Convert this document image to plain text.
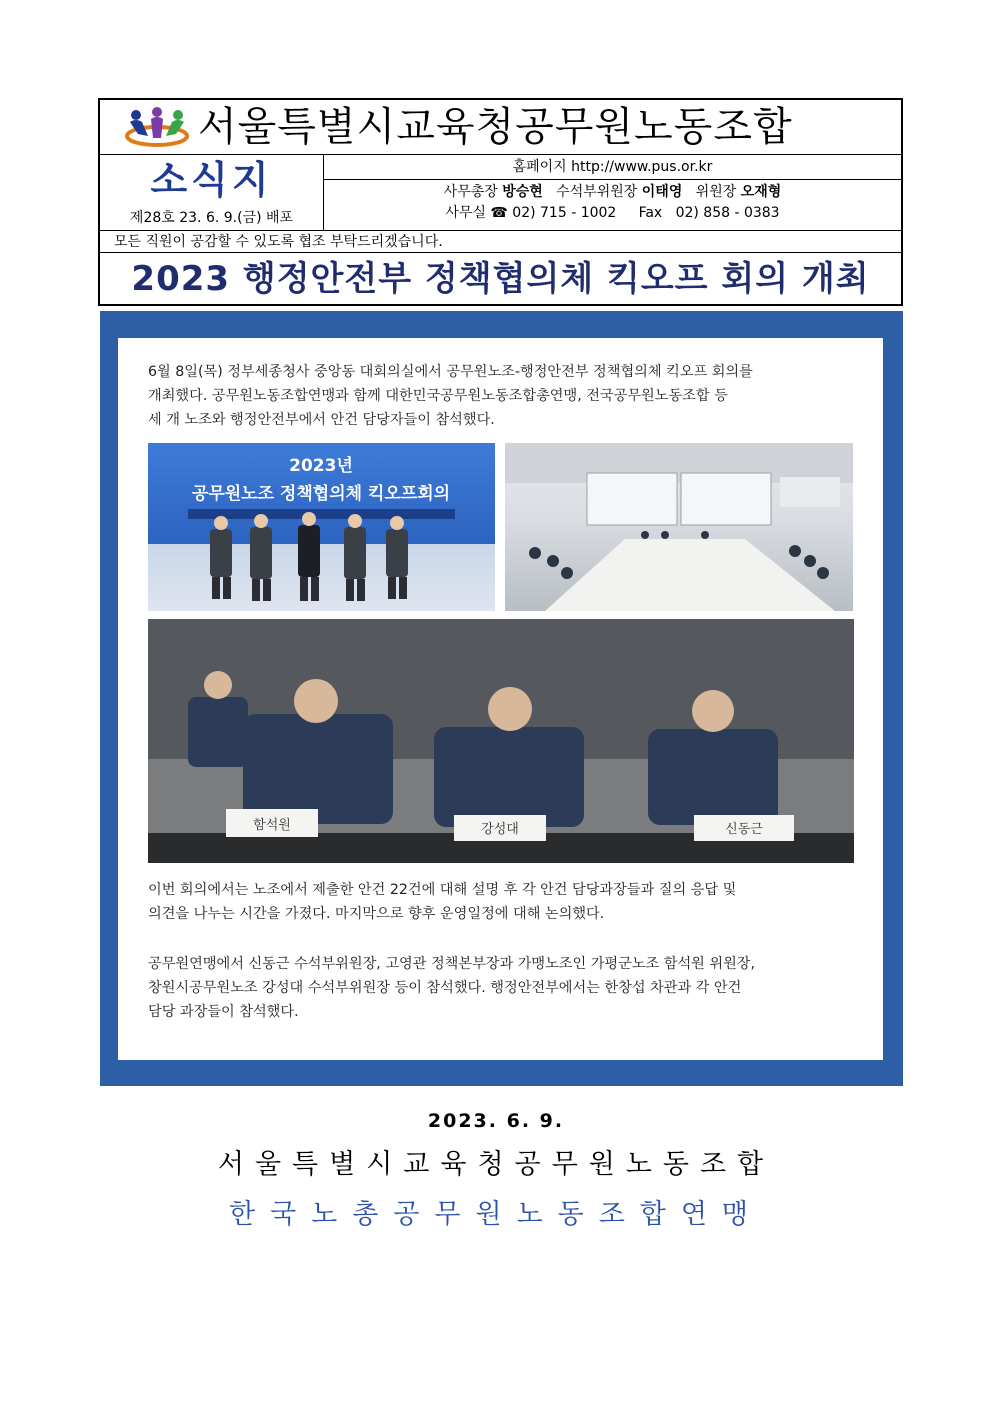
서울특별시교육청공무원노동조합
소식지
제28호 23. 6. 9.(금) 배포
홈페이지 http://www.pus.or.kr
사무총장 방승현 수석부위원장 이태영 위원장 오재형
사무실 ☎ 02) 715 - 1002     Fax   02) 858 - 0383
모든 직원이 공감할 수 있도록 협조 부탁드리겠습니다.
2023 행정안전부 정책협의체 킥오프 회의 개최

6월 8일(목) 정부세종청사 중앙동 대회의실에서 공무원노조-행정안전부 정책협의체 킥오프 회의를

개최했다. 공무원노동조합연맹과 함께 대한민국공무원노동조합총연맹, 전국공무원노동조합 등

세 개 노조와 행정안전부에서 안건 담당자들이 참석했다.

2023년
공무원노조 정책협의체 킥오프회의
함석원	강성대	신동근

이번 회의에서는 노조에서 제출한 안건 22건에 대해 설명 후 각 안건 담당과장들과 질의 응답 및

의견을 나누는 시간을 가졌다. 마지막으로 향후 운영일정에 대해 논의했다.

공무원연맹에서 신동근 수석부위원장, 고영관 정책본부장과 가맹노조인 가평군노조 함석원 위원장,

창원시공무원노조 강성대 수석부위원장 등이 참석했다. 행정안전부에서는 한창섭 차관과 각 안건

담당 과장들이 참석했다.

2023. 6. 9.
서울특별시교육청공무원노동조합
한국노총공무원노동조합연맹
